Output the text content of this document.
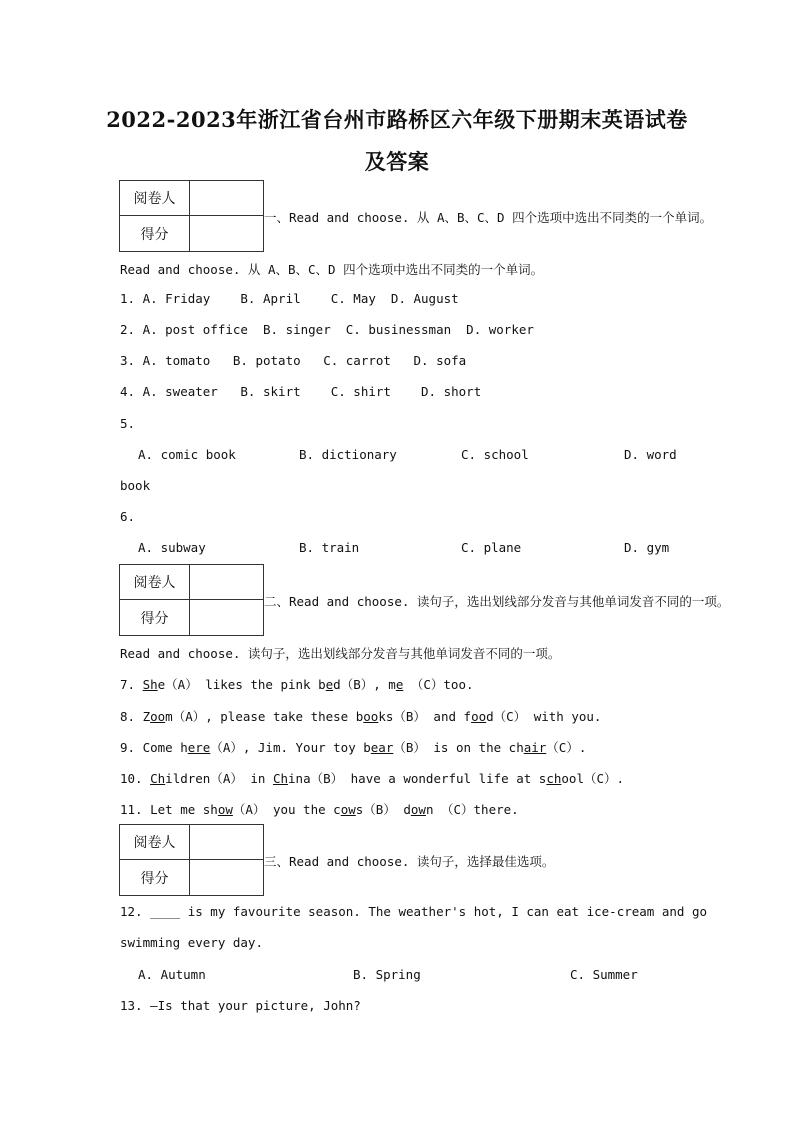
2022-2023年浙江省台州市路桥区六年级下册期末英语试卷
及答案
阅卷人
得分
一、Read and choose. 从 A、B、C、D 四个选项中选出不同类的一个单词。
Read and choose. 从 A、B、C、D 四个选项中选出不同类的一个单词。
1. A. Friday    B. April    C. May  D. August
2. A. post office  B. singer  C. businessman  D. worker
3. A. tomato   B. potato   C. carrot   D. sofa
4. A. sweater   B. skirt    C. shirt    D. short
5.
A. comic book	B. dictionary	C. school	D. word
book
6.
A. subway	B. train	C. plane	D. gym
阅卷人
得分
二、Read and choose. 读句子，选出划线部分发音与其他单词发音不同的一项。
Read and choose. 读句子，选出划线部分发音与其他单词发音不同的一项。
7. She（A） likes the pink bed（B）, me （C）too.
8. Zoom（A）, please take these books（B） and food（C） with you.
9. Come here（A）, Jim. Your toy bear（B） is on the chair（C）.
10. Children（A） in China（B） have a wonderful life at school（C）.
11. Let me show（A） you the cows（B） down （C）there.
阅卷人
得分
三、Read and choose. 读句子，选择最佳选项。
12. ____ is my favourite season. The weather's hot, I can eat ice-cream and go
swimming every day.
A. Autumn	B. Spring	C. Summer
13. —Is that your picture, John?
